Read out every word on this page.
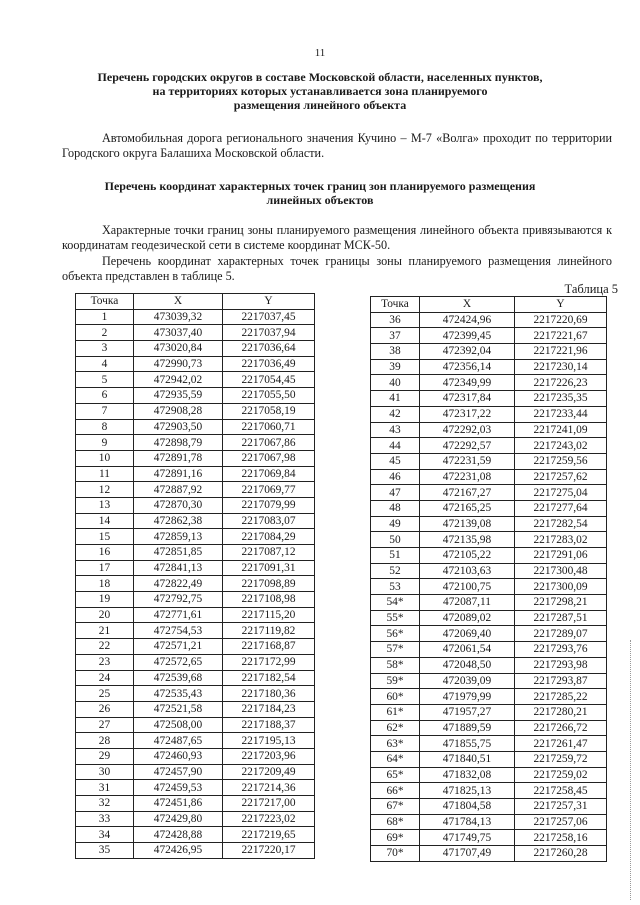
11
Перечень городских округов в составе Московской области, населенных пунктов,
на территориях которых устанавливается зона планируемого
размещения линейного объекта
Автомобильная дорога регионального значения Кучино – М-7 «Волга» проходит по территории Городского округа Балашиха Московской области.
Перечень координат характерных точек границ зон планируемого размещения
линейных объектов
Характерные точки границ зоны планируемого размещения линейного объекта привязываются к координатам геодезической сети в системе координат МСК-50.
Перечень координат характерных точек границы зоны планируемого размещения линейного объекта представлен в таблице 5.
Таблица 5
Точка	X	Y
1	473039,32	2217037,45
2	473037,40	2217037,94
3	473020,84	2217036,64
4	472990,73	2217036,49
5	472942,02	2217054,45
6	472935,59	2217055,50
7	472908,28	2217058,19
8	472903,50	2217060,71
9	472898,79	2217067,86
10	472891,78	2217067,98
11	472891,16	2217069,84
12	472887,92	2217069,77
13	472870,30	2217079,99
14	472862,38	2217083,07
15	472859,13	2217084,29
16	472851,85	2217087,12
17	472841,13	2217091,31
18	472822,49	2217098,89
19	472792,75	2217108,98
20	472771,61	2217115,20
21	472754,53	2217119,82
22	472571,21	2217168,87
23	472572,65	2217172,99
24	472539,68	2217182,54
25	472535,43	2217180,36
26	472521,58	2217184,23
27	472508,00	2217188,37
28	472487,65	2217195,13
29	472460,93	2217203,96
30	472457,90	2217209,49
31	472459,53	2217214,36
32	472451,86	2217217,00
33	472429,80	2217223,02
34	472428,88	2217219,65
35	472426,95	2217220,17
Точка	X	Y
36	472424,96	2217220,69
37	472399,45	2217221,67
38	472392,04	2217221,96
39	472356,14	2217230,14
40	472349,99	2217226,23
41	472317,84	2217235,35
42	472317,22	2217233,44
43	472292,03	2217241,09
44	472292,57	2217243,02
45	472231,59	2217259,56
46	472231,08	2217257,62
47	472167,27	2217275,04
48	472165,25	2217277,64
49	472139,08	2217282,54
50	472135,98	2217283,02
51	472105,22	2217291,06
52	472103,63	2217300,48
53	472100,75	2217300,09
54*	472087,11	2217298,21
55*	472089,02	2217287,51
56*	472069,40	2217289,07
57*	472061,54	2217293,76
58*	472048,50	2217293,98
59*	472039,09	2217293,87
60*	471979,99	2217285,22
61*	471957,27	2217280,21
62*	471889,59	2217266,72
63*	471855,75	2217261,47
64*	471840,51	2217259,72
65*	471832,08	2217259,02
66*	471825,13	2217258,45
67*	471804,58	2217257,31
68*	471784,13	2217257,06
69*	471749,75	2217258,16
70*	471707,49	2217260,28
